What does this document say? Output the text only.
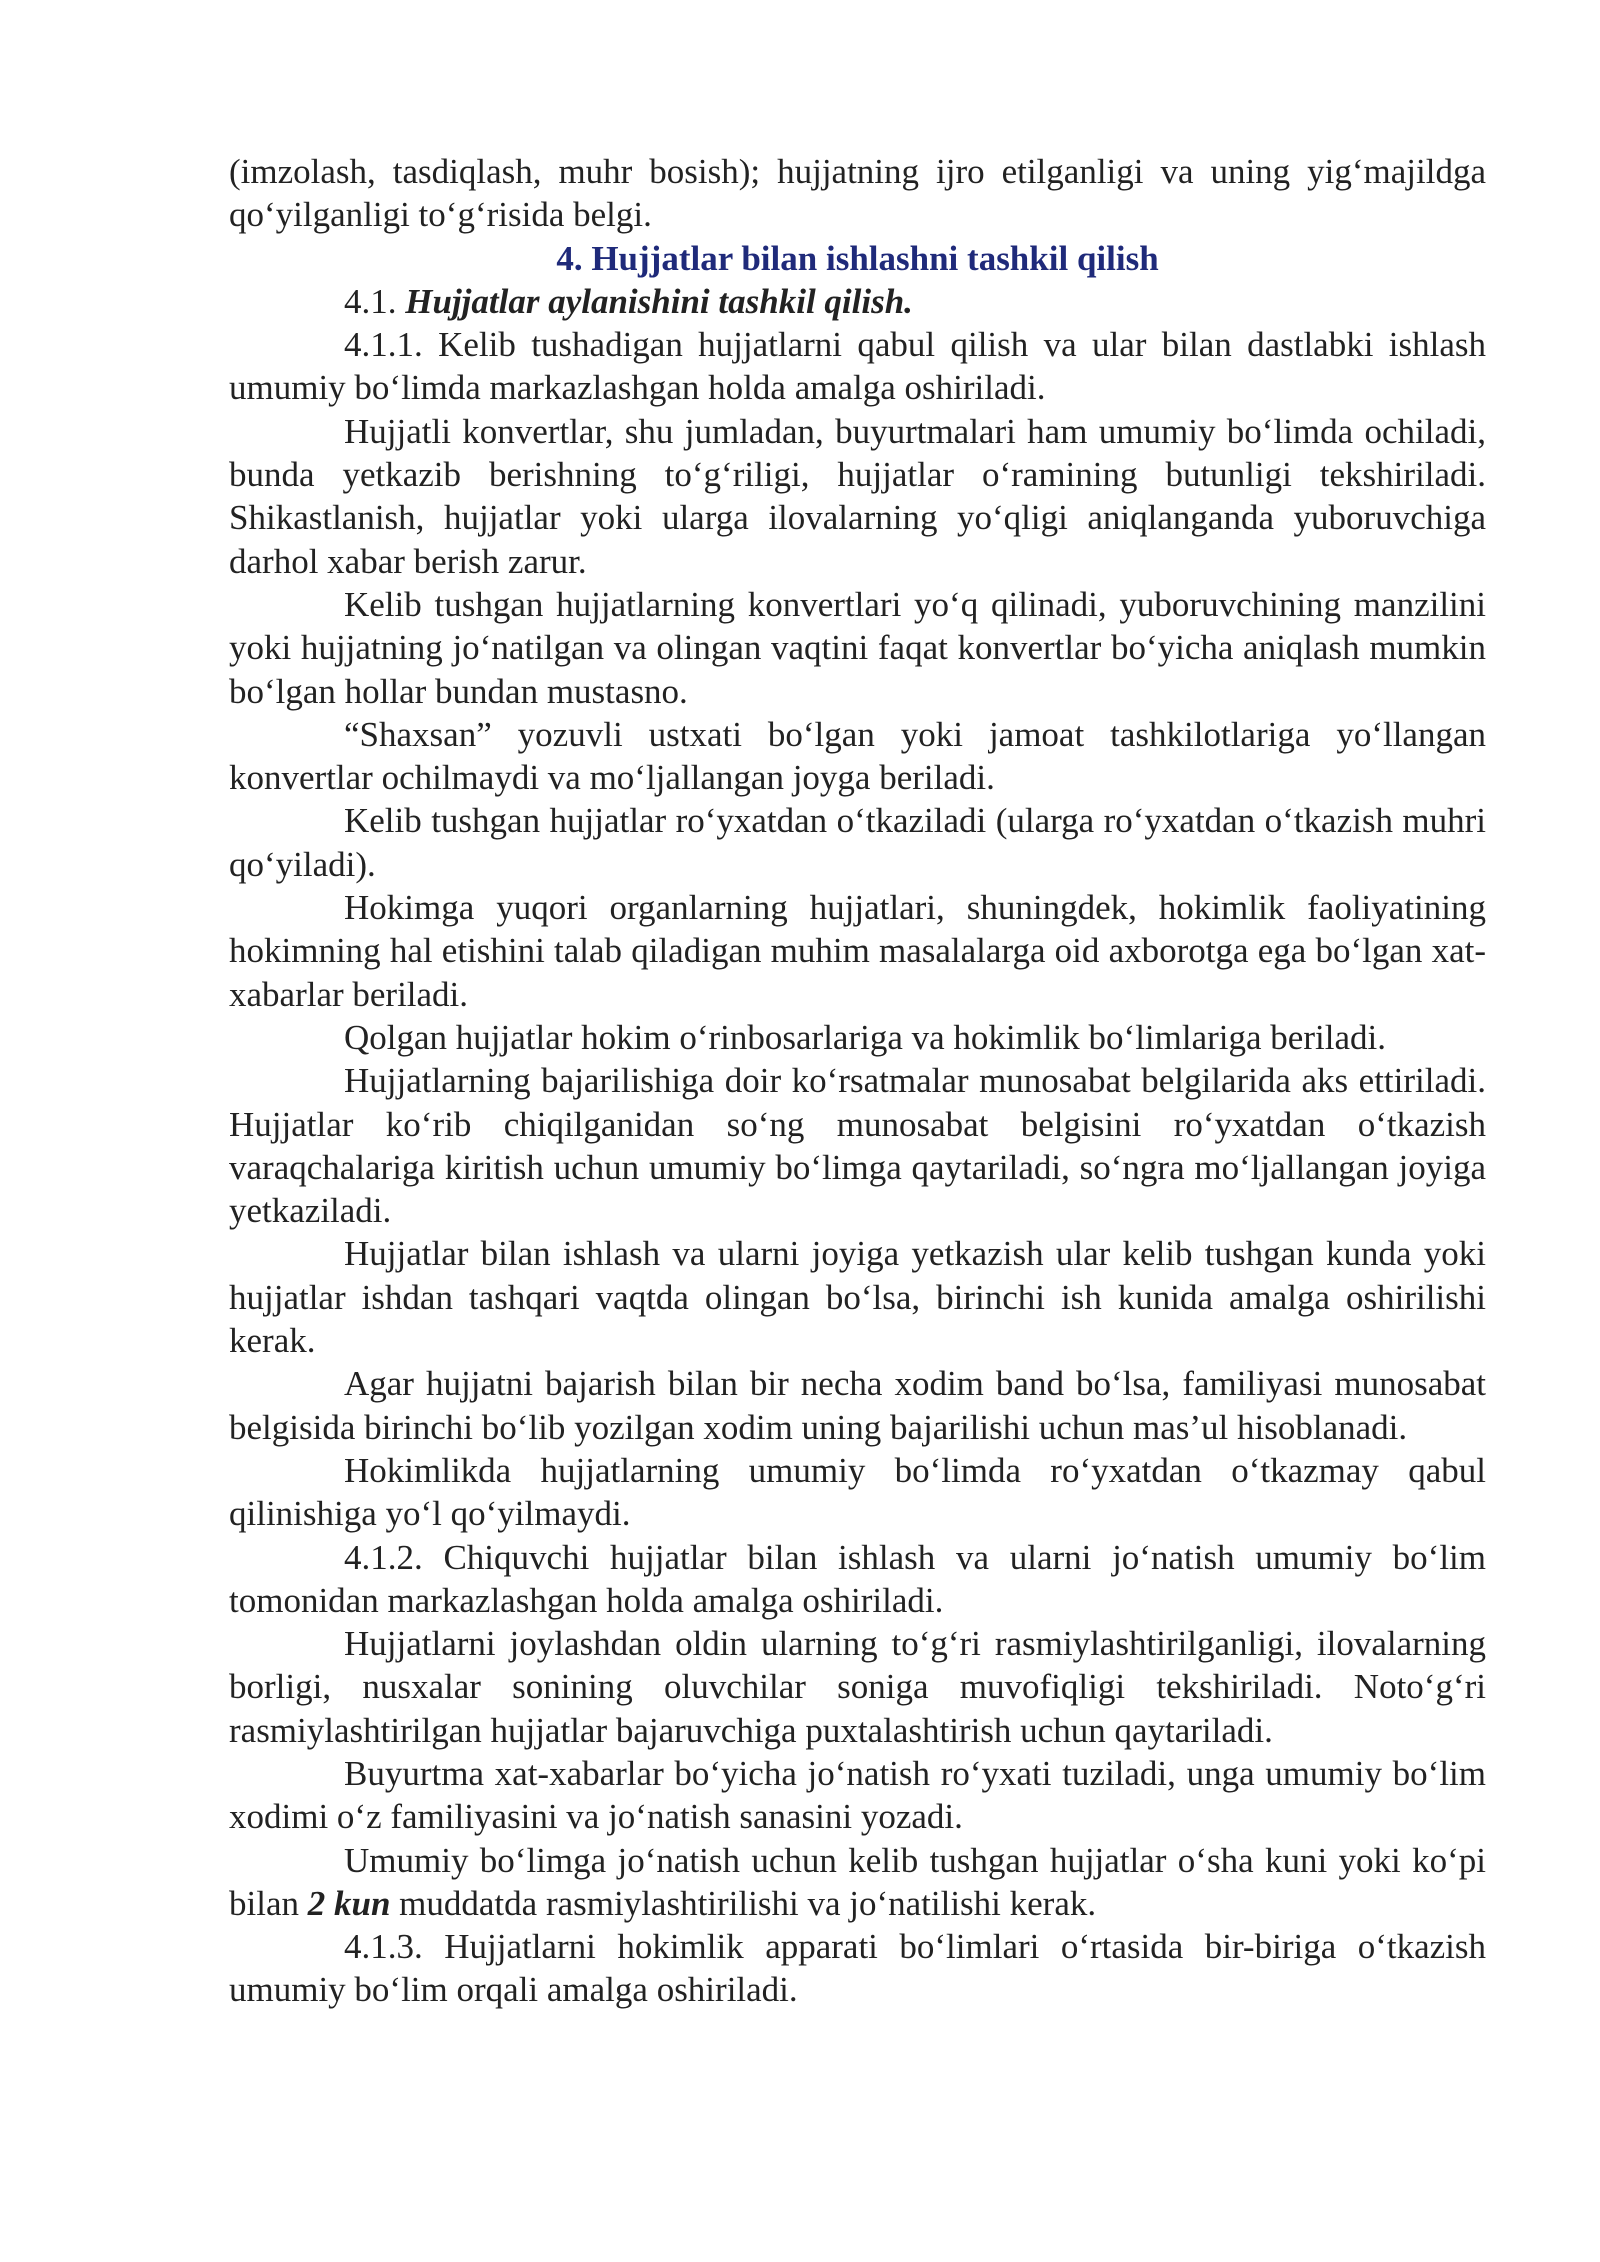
(imzolash, tasdiqlash, muhr bosish); hujjatning ijro etilganligi va uning yig‘majildga qo‘yilganligi to‘g‘risida belgi.

4. Hujjatlar bilan ishlashni tashkil qilish

4.1. Hujjatlar aylanishini tashkil qilish.

4.1.1. Kelib tushadigan hujjatlarni qabul qilish va ular bilan dastlabki ishlash umumiy bo‘limda markazlashgan holda amalga oshiriladi.

Hujjatli konvertlar, shu jumladan, buyurtmalari ham umumiy bo‘limda ochiladi, bunda yetkazib berishning to‘g‘riligi, hujjatlar o‘ramining butunligi tekshiriladi. Shikastlanish, hujjatlar yoki ularga ilovalarning yo‘qligi aniqlanganda yuboruvchiga darhol xabar berish zarur.

Kelib tushgan hujjatlarning konvertlari yo‘q qilinadi, yuboruvchining manzilini yoki hujjatning jo‘natilgan va olingan vaqtini faqat konvertlar bo‘yicha aniqlash mumkin bo‘lgan hollar bundan mustasno.

“Shaxsan” yozuvli ustxati bo‘lgan yoki jamoat tashkilotlariga yo‘llangan konvertlar ochilmaydi va mo‘ljallangan joyga beriladi.

Kelib tushgan hujjatlar ro‘yxatdan o‘tkaziladi (ularga ro‘yxatdan o‘tkazish muhri qo‘yiladi).

Hokimga yuqori organlarning hujjatlari, shuningdek, hokimlik faoliyatining hokimning hal etishini talab qiladigan muhim masalalarga oid axborotga ega bo‘lgan xat-xabarlar beriladi.

Qolgan hujjatlar hokim o‘rinbosarlariga va hokimlik bo‘limlariga beriladi.

Hujjatlarning bajarilishiga doir ko‘rsatmalar munosabat belgilarida aks ettiriladi. Hujjatlar ko‘rib chiqilganidan so‘ng munosabat belgisini ro‘yxatdan o‘tkazish varaqchalariga kiritish uchun umumiy bo‘limga qaytariladi, so‘ngra mo‘ljallangan joyiga yetkaziladi.

Hujjatlar bilan ishlash va ularni joyiga yetkazish ular kelib tushgan kunda yoki hujjatlar ishdan tashqari vaqtda olingan bo‘lsa, birinchi ish kunida amalga oshirilishi kerak.

Agar hujjatni bajarish bilan bir necha xodim band bo‘lsa, familiyasi munosabat belgisida birinchi bo‘lib yozilgan xodim uning bajarilishi uchun mas’ul hisoblanadi.

Hokimlikda hujjatlarning umumiy bo‘limda ro‘yxatdan o‘tkazmay qabul qilinishiga yo‘l qo‘yilmaydi.

4.1.2. Chiquvchi hujjatlar bilan ishlash va ularni jo‘natish umumiy bo‘lim tomonidan markazlashgan holda amalga oshiriladi.

Hujjatlarni joylashdan oldin ularning to‘g‘ri rasmiylashtirilganligi, ilovalarning borligi, nusxalar sonining oluvchilar soniga muvofiqligi tekshiriladi. Noto‘g‘ri rasmiylashtirilgan hujjatlar bajaruvchiga puxtalashtirish uchun qaytariladi.

Buyurtma xat-xabarlar bo‘yicha jo‘natish ro‘yxati tuziladi, unga umumiy bo‘lim xodimi o‘z familiyasini va jo‘natish sanasini yozadi.

Umumiy bo‘limga jo‘natish uchun kelib tushgan hujjatlar o‘sha kuni yoki ko‘pi bilan 2 kun muddatda rasmiylashtirilishi va jo‘natilishi kerak.

4.1.3. Hujjatlarni hokimlik apparati bo‘limlari o‘rtasida bir-biriga o‘tkazish umumiy bo‘lim orqali amalga oshiriladi.
